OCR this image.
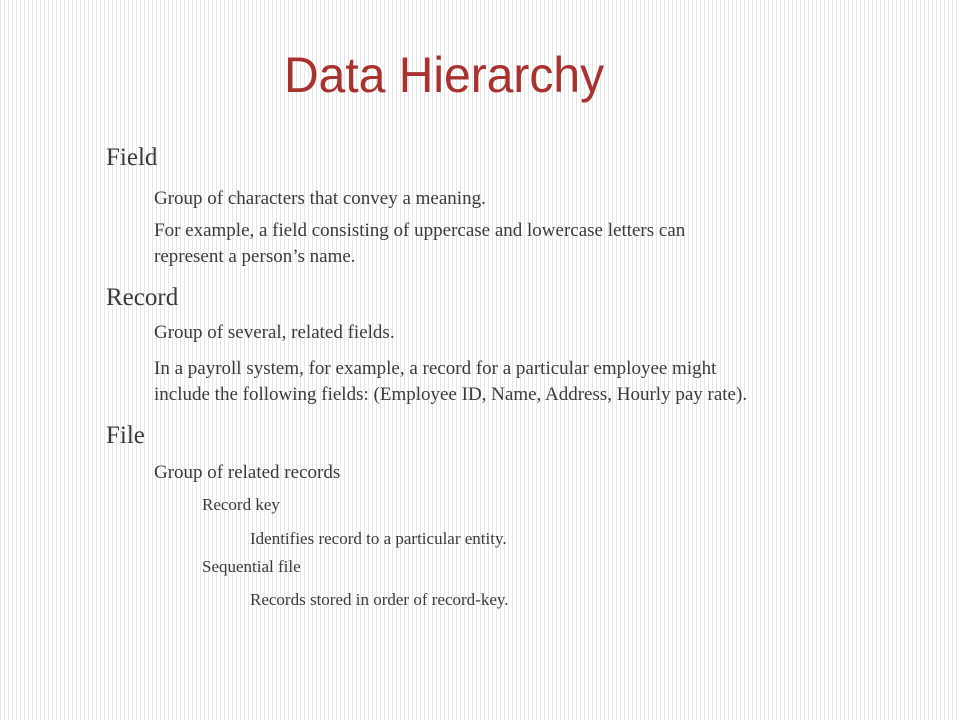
Data Hierarchy
Field
Group of characters that convey a meaning.
For example, a field consisting of uppercase and lowercase letters can
represent a person’s name.
Record
Group of several, related fields.
In a payroll system, for example, a record for a particular employee might
include the following fields: (Employee ID, Name, Address, Hourly pay rate).
File
Group of related records
Record key
Identifies record to a particular entity.
Sequential file
Records stored in order of record-key.
